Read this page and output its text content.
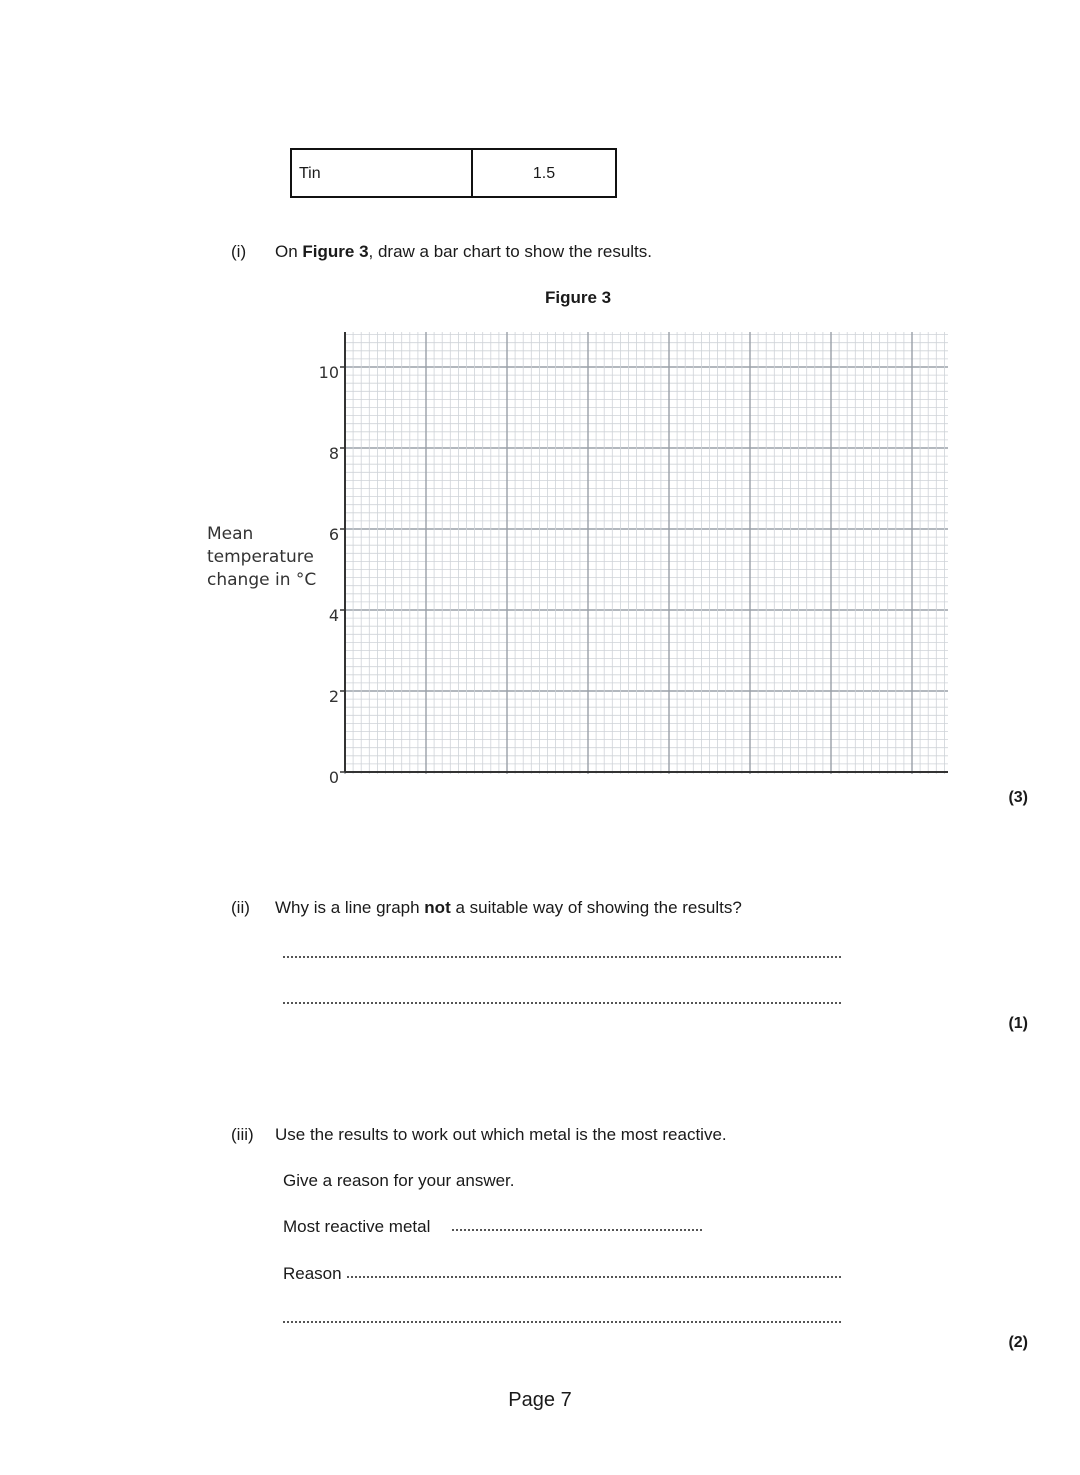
Tin	1.5
(i) On Figure 3, draw a bar chart to show the results.
Figure 3
Mean
temperature
change in °C
10
8
6
4
2
0
(3)
(ii) Why is a line graph not a suitable way of showing the results?
(1)
(iii) Use the results to work out which metal is the most reactive.
Give a reason for your answer.
Most reactive metal
Reason
(2)
Page 7
